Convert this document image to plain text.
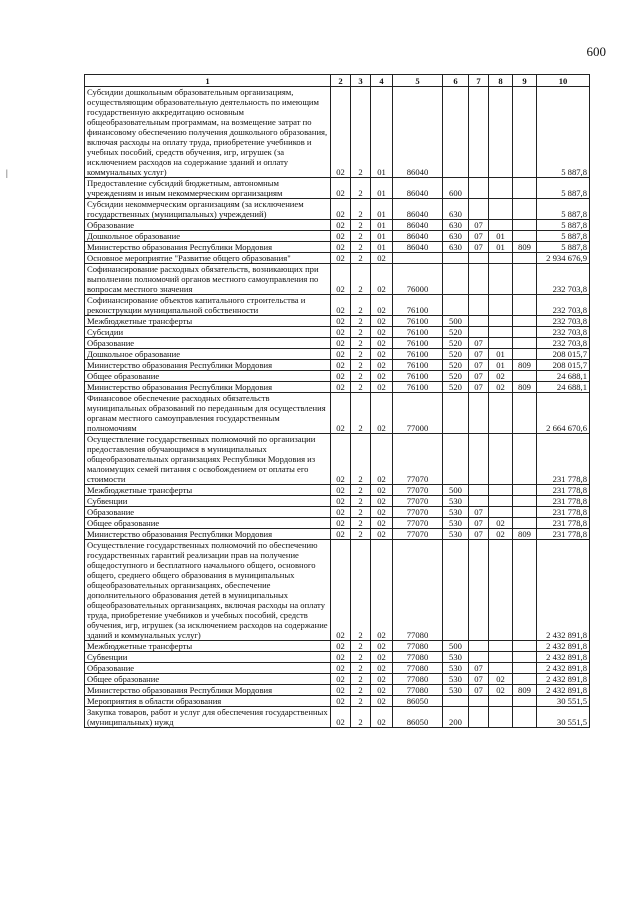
600
|
1	2	3	4	5	6	7	8	9	10
Субсидии дошкольным образовательным организациям, осуществляющим образовательную деятельность по имеющим государственную аккредитацию основным общеобразовательным программам, на возмещение затрат по финансовому обеспечению получения дошкольного образования, включая расходы на оплату труда, приобретение учебников и учебных пособий, средств обучения, игр, игрушек (за исключением расходов на содержание зданий и оплату коммунальных услуг)	02	2	01	86040					5 887,8
Предоставление субсидий бюджетным, автономным учреждениям и иным некоммерческим организациям	02	2	01	86040	600				5 887,8
Субсидии некоммерческим организациям (за исключением государственных (муниципальных) учреждений)	02	2	01	86040	630				5 887,8
Образование	02	2	01	86040	630	07			5 887,8
Дошкольное образование	02	2	01	86040	630	07	01		5 887,8
Министерство образования Республики Мордовия	02	2	01	86040	630	07	01	809	5 887,8
Основное мероприятие "Развитие общего образования"	02	2	02						2 934 676,9
Софинансирование расходных обязательств, возникающих при выполнении полномочий органов местного самоуправления по вопросам местного значения	02	2	02	76000					232 703,8
Софинансирование объектов капитального строительства и реконструкции муниципальной собственности	02	2	02	76100					232 703,8
Межбюджетные трансферты	02	2	02	76100	500				232 703,8
Субсидии	02	2	02	76100	520				232 703,8
Образование	02	2	02	76100	520	07			232 703,8
Дошкольное образование	02	2	02	76100	520	07	01		208 015,7
Министерство образования Республики Мордовия	02	2	02	76100	520	07	01	809	208 015,7
Общее образование	02	2	02	76100	520	07	02		24 688,1
Министерство образования Республики Мордовия	02	2	02	76100	520	07	02	809	24 688,1
Финансовое обеспечение расходных обязательств муниципальных образований по переданным для осуществления органам местного самоуправления государственным полномочиям	02	2	02	77000					2 664 670,6
Осуществление государственных полномочий по организации предоставления обучающимся в муниципальных общеобразовательных организациях Республики Мордовия из малоимущих семей питания с освобождением от оплаты его стоимости	02	2	02	77070					231 778,8
Межбюджетные трансферты	02	2	02	77070	500				231 778,8
Субвенции	02	2	02	77070	530				231 778,8
Образование	02	2	02	77070	530	07			231 778,8
Общее образование	02	2	02	77070	530	07	02		231 778,8
Министерство образования Республики Мордовия	02	2	02	77070	530	07	02	809	231 778,8
Осуществление государственных полномочий по обеспечению государственных гарантий реализации прав на получение общедоступного и бесплатного начального общего, основного общего, среднего общего образования в муниципальных общеобразовательных организациях, обеспечение дополнительного образования детей в муниципальных общеобразовательных организациях, включая расходы на оплату труда, приобретение учебников и учебных пособий, средств обучения, игр, игрушек (за исключением расходов на содержание зданий и коммунальных услуг)	02	2	02	77080					2 432 891,8
Межбюджетные трансферты	02	2	02	77080	500				2 432 891,8
Субвенции	02	2	02	77080	530				2 432 891,8
Образование	02	2	02	77080	530	07			2 432 891,8
Общее образование	02	2	02	77080	530	07	02		2 432 891,8
Министерство образования Республики Мордовия	02	2	02	77080	530	07	02	809	2 432 891,8
Мероприятия в области образования	02	2	02	86050					30 551,5
Закупка товаров, работ и услуг для обеспечения государственных (муниципальных) нужд	02	2	02	86050	200				30 551,5
